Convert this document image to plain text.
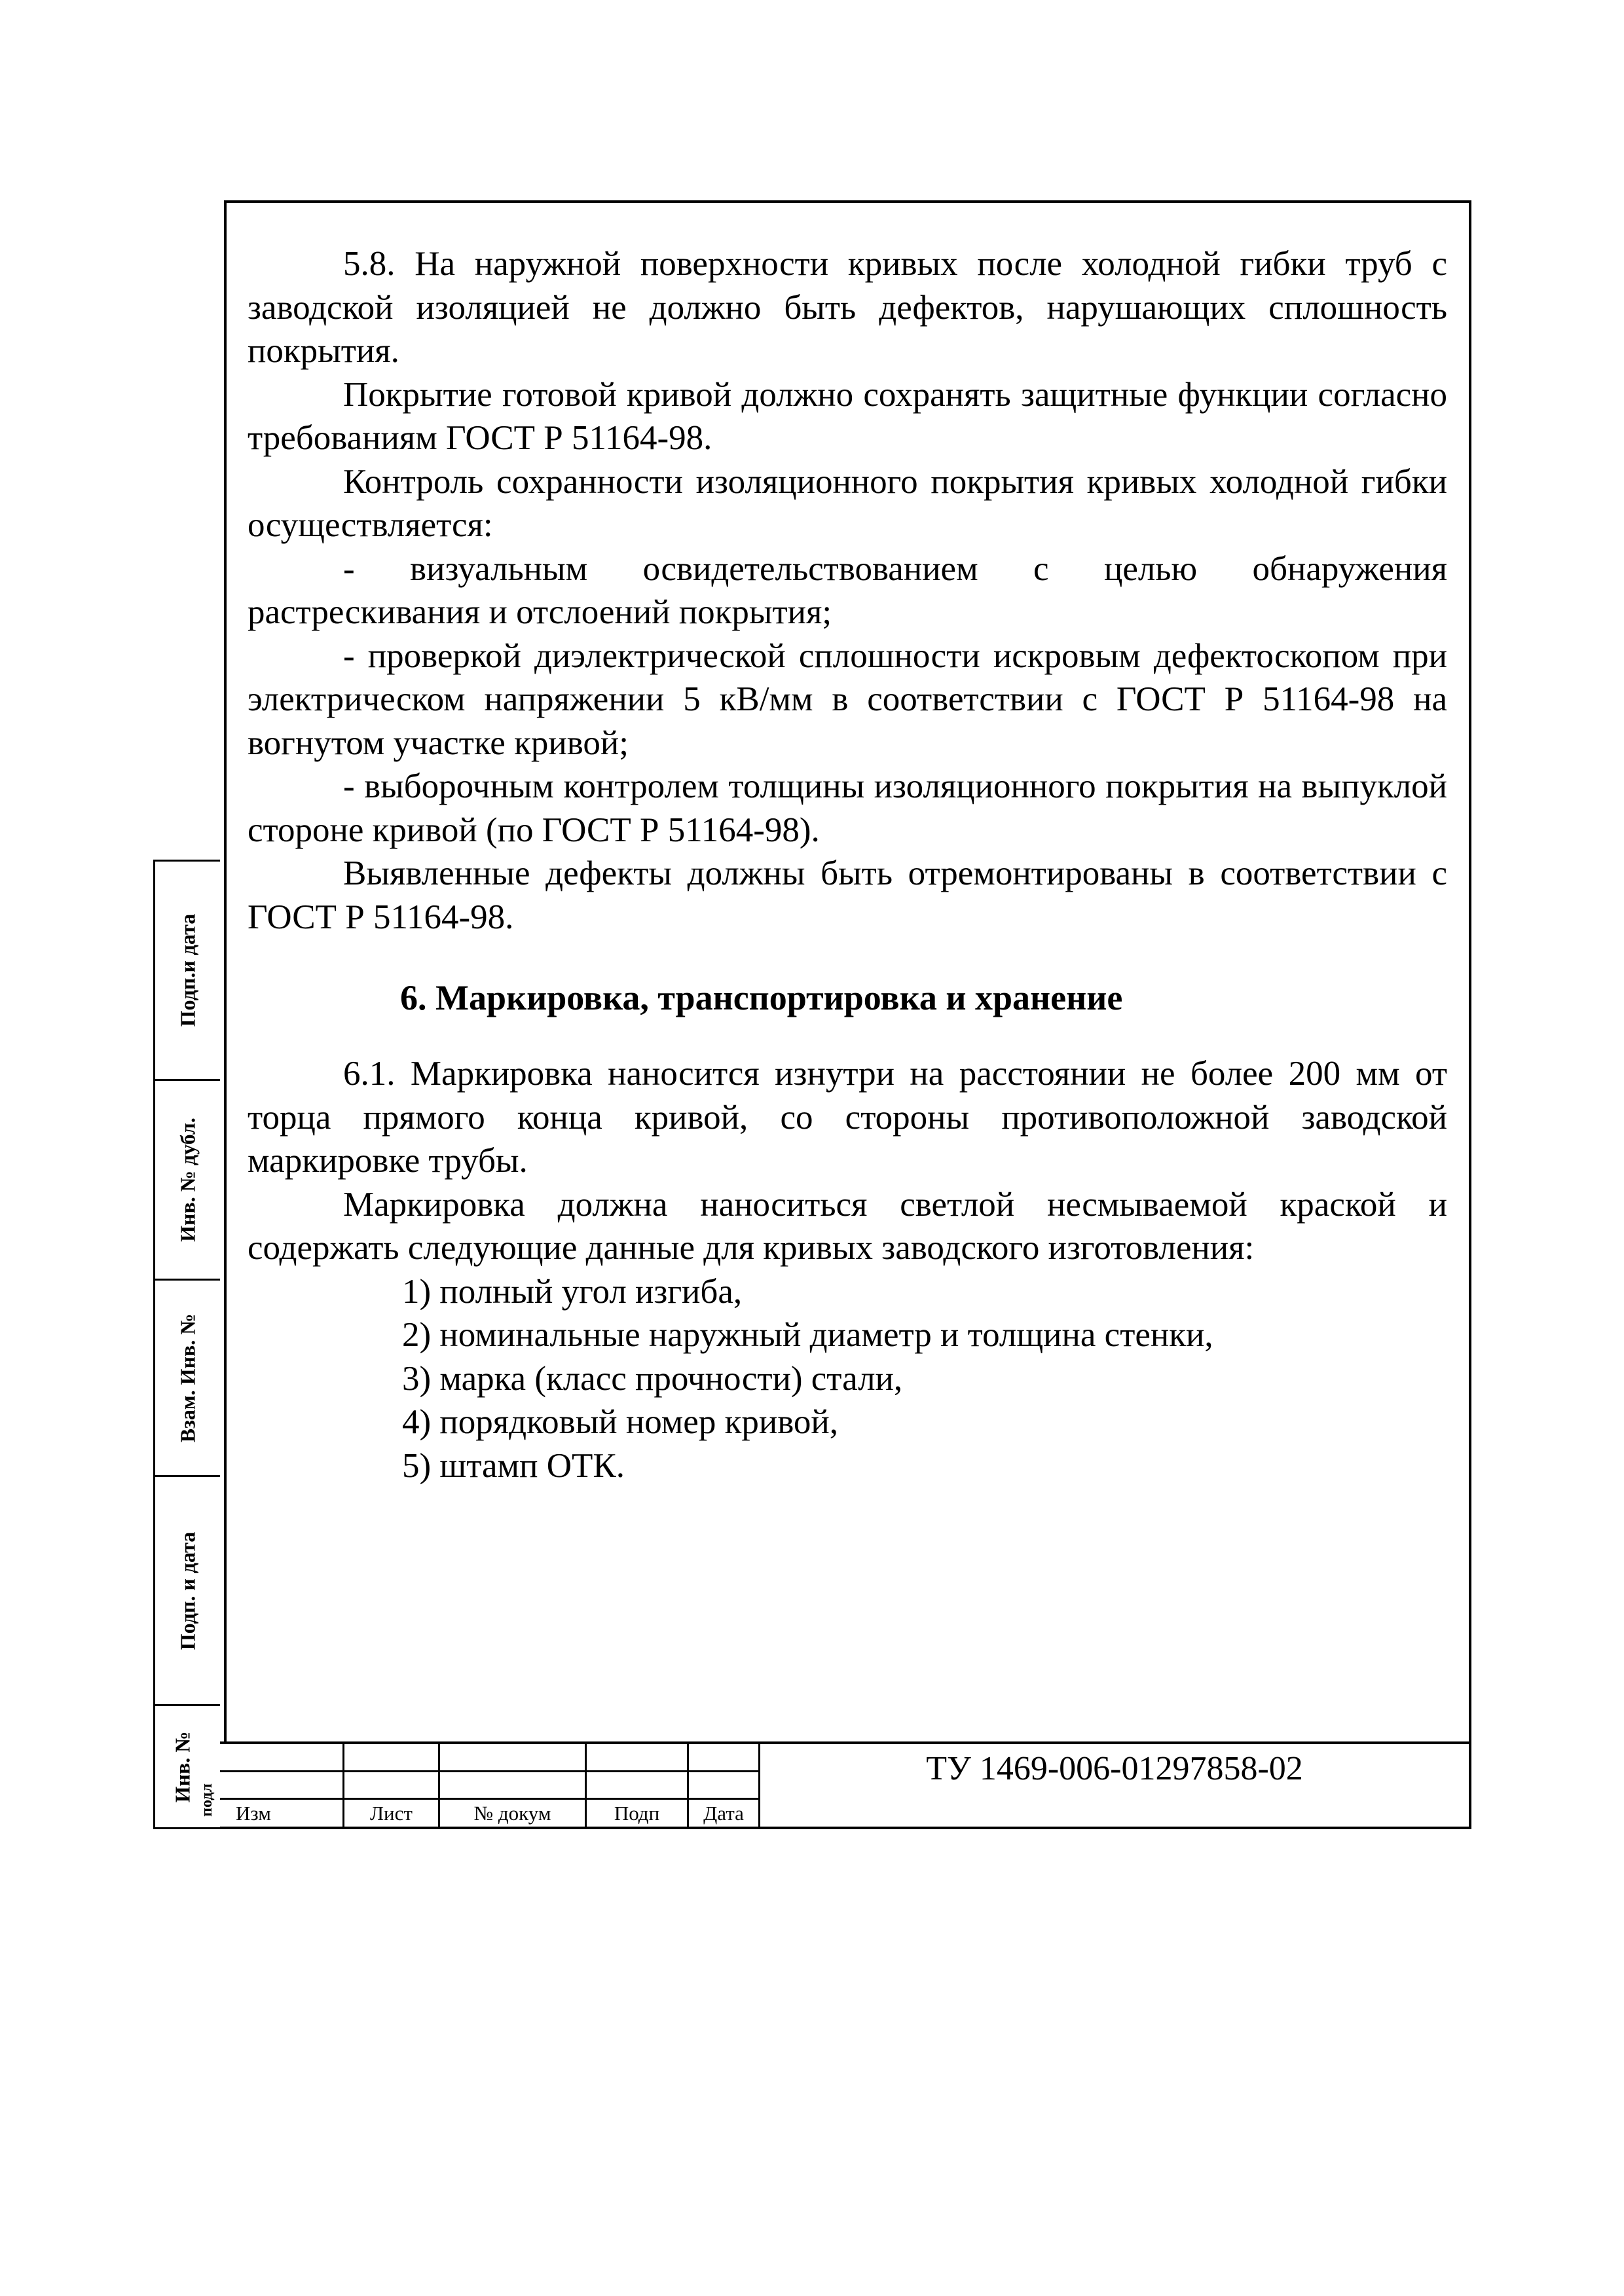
5.8. На наружной поверхности кривых после холодной гибки труб с заводской изоляцией не должно быть дефектов, нарушающих сплошность покрытия.

Покрытие готовой кривой должно сохранять защитные функции согласно требованиям ГОСТ Р 51164-98.

Контроль сохранности изоляционного покрытия кривых холодной гибки осуществляется:

- визуальным освидетельствованием с целью обнаружения растрескивания и отслоений покрытия;

- проверкой диэлектрической сплошности искровым дефектоскопом при электрическом напряжении 5 кВ/мм в соответствии с ГОСТ Р 51164-98 на вогнутом участке кривой;

- выборочным контролем толщины изоляционного покрытия на выпуклой стороне кривой (по ГОСТ Р 51164-98).

Выявленные дефекты должны быть отремонтированы в соответствии с ГОСТ Р 51164-98.

6. Маркировка, транспортировка и хранение

6.1. Маркировка наносится изнутри на расстоянии не более 200 мм от торца прямого конца кривой, со стороны противоположной заводской маркировке трубы.

Маркировка должна наноситься светлой несмываемой краской и содержать следующие данные для кривых заводского изготовления:

1) полный угол изгиба,

2) номинальные наружный диаметр и толщина стенки,

3) марка (класс прочности) стали,

4) порядковый номер кривой,

5) штамп ОТК.

Подп.и дата
Инв. № дубл.
Взам. Инв. №
Подп. и дата
Инв. № подл Изм	Лист	№ докум	Подп	Дата
ТУ 1469-006-01297858-02
